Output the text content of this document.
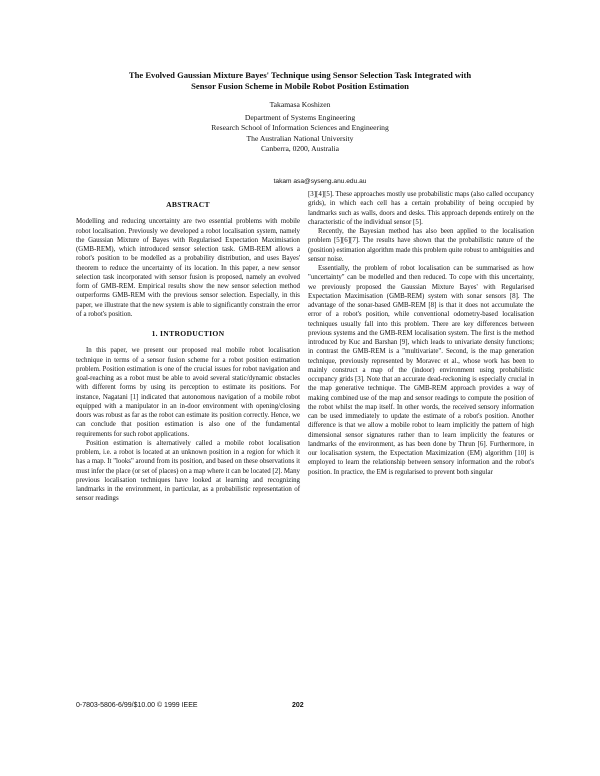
The Evolved Gaussian Mixture Bayes' Technique using Sensor Selection Task Integrated with
Sensor Fusion Scheme in Mobile Robot Position Estimation
Takamasa Koshizen
Department of Systems Engineering
Research School of Information Sciences and Engineering
The Australian National University
Canberra, 0200, Australia
takam asa@syseng.anu.edu.au
ABSTRACT

Modelling and reducing uncertainty are two essential problems with mobile robot localisation. Previously we developed a robot localisation system, namely the Gaussian Mixture of Bayes with Regularised Expectation Maximisation (GMB-REM), which introduced sensor selection task. GMB-REM allows a robot's position to be modelled as a probability distribution, and uses Bayes' theorem to reduce the uncertainty of its location. In this paper, a new sensor selection task incorporated with sensor fusion is proposed, namely an evolved form of GMB-REM. Empirical results show the new sensor selection method outperforms GMB-REM with the previous sensor selection. Especially, in this paper, we illustrate that the new system is able to significantly constrain the error of a robot's position.

1. INTRODUCTION

In this paper, we present our proposed real mobile robot localisation technique in terms of a sensor fusion scheme for a robot position estimation problem. Position estimation is one of the crucial issues for robot navigation and goal-reaching as a robot must be able to avoid several static/dynamic obstacles with different forms by using its perception to estimate its positions. For instance, Nagatani [1] indicated that autonomous navigation of a mobile robot equipped with a manipulator in an in-door environment with opening/closing doors was robust as far as the robot can estimate its position correctly. Hence, we can conclude that position estimation is also one of the fundamental requirements for such robot applications.

Position estimation is alternatively called a mobile robot localisation problem, i.e. a robot is located at an unknown position in a region for which it has a map. It "looks" around from its position, and based on these observations it must infer the place (or set of places) on a map where it can be located [2]. Many previous localisation techniques have looked at learning and recognizing landmarks in the environment, in particular, as a probabilistic representation of sensor readings

[3][4][5]. These approaches mostly use probabilistic maps (also called occupancy grids), in which each cell has a certain probability of being occupied by landmarks such as walls, doors and desks. This approach depends entirely on the characteristic of the individual sensor [5].

Recently, the Bayesian method has also been applied to the localisation problem [5][6][7]. The results have shown that the probabilistic nature of the (position) estimation algorithm made this problem quite robust to ambiguities and sensor noise.

Essentially, the problem of robot localisation can be summarised as how "uncertainty" can be modelled and then reduced. To cope with this uncertainty, we previously proposed the Gaussian Mixture Bayes' with Regularised Expectation Maximisation (GMB-REM) system with sonar sensors [8]. The advantage of the sonar-based GMB-REM [8] is that it does not accumulate the error of a robot's position, while conventional odometry-based localisation techniques usually fall into this problem. There are key differences between previous systems and the GMB-REM localisation system. The first is the method introduced by Kuc and Barshan [9], which leads to univariate density functions; in contrast the GMB-REM is a "multivariate". Second, is the map generation technique, previously represented by Moravec et al., whose work has been to mainly construct a map of the (indoor) environment using probabilistic occupancy grids [3]. Note that an accurate dead-reckoning is especially crucial in the map generative technique. The GMB-REM approach provides a way of making combined use of the map and sensor readings to compute the position of the robot whilst the map itself. In other words, the received sensory information can be used immediately to update the estimate of a robot's position. Another difference is that we allow a mobile robot to learn implicitly the pattern of high dimensional sensor signatures rather than to learn implicitly the features or landmarks of the environment, as has been done by Thrun [6]. Furthermore, in our localisation system, the Expectation Maximization (EM) algorithm [10] is employed to learn the relationship between sensory information and the robot's position. In practice, the EM is regularised to prevent both singular

0-7803-5806-6/99/$10.00 © 1999 IEEE	202
